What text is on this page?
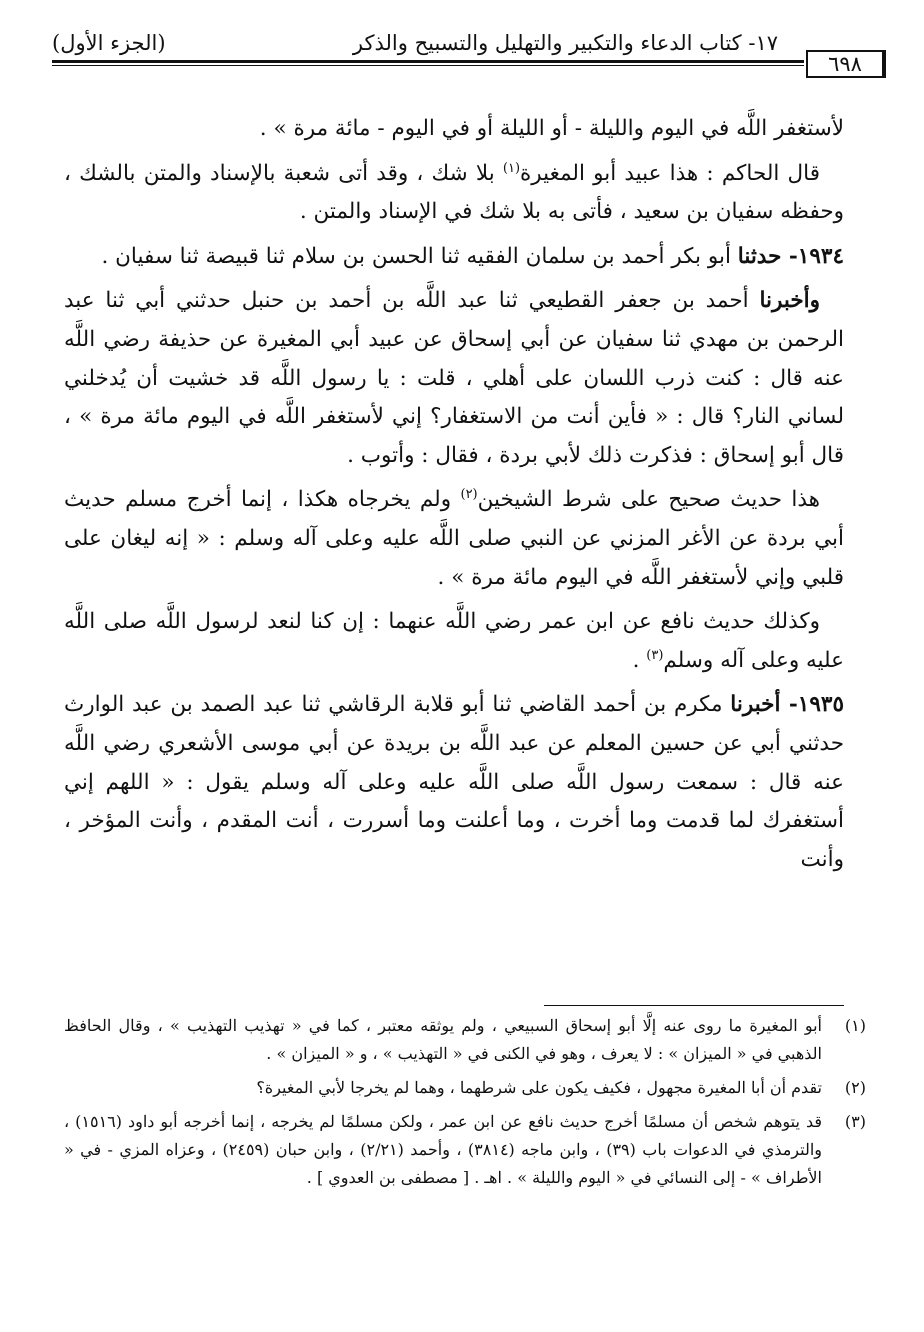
١٧- كتاب الدعاء والتكبير والتهليل والتسبيح والذكر
(الجزء الأول)
٦٩٨

لأستغفر اللَّه في اليوم والليلة - أو الليلة أو في اليوم - مائة مرة » .

قال الحاكم : هذا عبيد أبو المغيرة$^{(١)}$ بلا شك ، وقد أتى شعبة بالإسناد والمتن بالشك ، وحفظه سفيان بن سعيد ، فأتى به بلا شك في الإسناد والمتن .

١٩٣٤- حدثنا أبو بكر أحمد بن سلمان الفقيه ثنا الحسن بن سلام ثنا قبيصة ثنا سفيان .

وأخبرنا أحمد بن جعفر القطيعي ثنا عبد اللَّه بن أحمد بن حنبل حدثني أبي ثنا عبد الرحمن بن مهدي ثنا سفيان عن أبي إسحاق عن عبيد أبي المغيرة عن حذيفة رضي اللَّه عنه قال : كنت ذرب اللسان على أهلي ، قلت : يا رسول اللَّه قد خشيت أن يُدخلني لساني النار؟ قال : « فأين أنت من الاستغفار؟ إني لأستغفر اللَّه في اليوم مائة مرة » ، قال أبو إسحاق : فذكرت ذلك لأبي بردة ، فقال : وأتوب .

هذا حديث صحيح على شرط الشيخين$^{(٢)}$ ولم يخرجاه هكذا ، إنما أخرج مسلم حديث أبي بردة عن الأغر المزني عن النبي صلى اللَّه عليه وعلى آله وسلم : « إنه ليغان على قلبي وإني لأستغفر اللَّه في اليوم مائة مرة » .

وكذلك حديث نافع عن ابن عمر رضي اللَّه عنهما : إن كنا لنعد لرسول اللَّه صلى اللَّه عليه وعلى آله وسلم$^{(٣)}$ .

١٩٣٥- أخبرنا مكرم بن أحمد القاضي ثنا أبو قلابة الرقاشي ثنا عبد الصمد بن عبد الوارث حدثني أبي عن حسين المعلم عن عبد اللَّه بن بريدة عن أبي موسى الأشعري رضي اللَّه عنه قال : سمعت رسول اللَّه صلى اللَّه عليه وعلى آله وسلم يقول : « اللهم إني أستغفرك لما قدمت وما أخرت ، وما أعلنت وما أسررت ، أنت المقدم ، وأنت المؤخر ، وأنت

(١)
أبو المغيرة ما روى عنه إلَّا أبو إسحاق السبيعي ، ولم يوثقه معتبر ، كما في « تهذيب التهذيب » ، وقال الحافظ الذهبي في « الميزان » : لا يعرف ، وهو في الكنى في « التهذيب » ، و « الميزان » .
(٢)
تقدم أن أبا المغيرة مجهول ، فكيف يكون على شرطهما ، وهما لم يخرجا لأبي المغيرة؟
(٣)
قد يتوهم شخص أن مسلمًا أخرج حديث نافع عن ابن عمر ، ولكن مسلمًا لم يخرجه ، إنما أخرجه أبو داود (١٥١٦) ، والترمذي في الدعوات باب (٣٩) ، وابن ماجه (٣٨١٤) ، وأحمد (٢/٢١) ، وابن حبان (٢٤٥٩) ، وعزاه المزي - في « الأطراف » - إلى النسائي في « اليوم والليلة » . اهـ . [ مصطفى بن العدوي ] .
